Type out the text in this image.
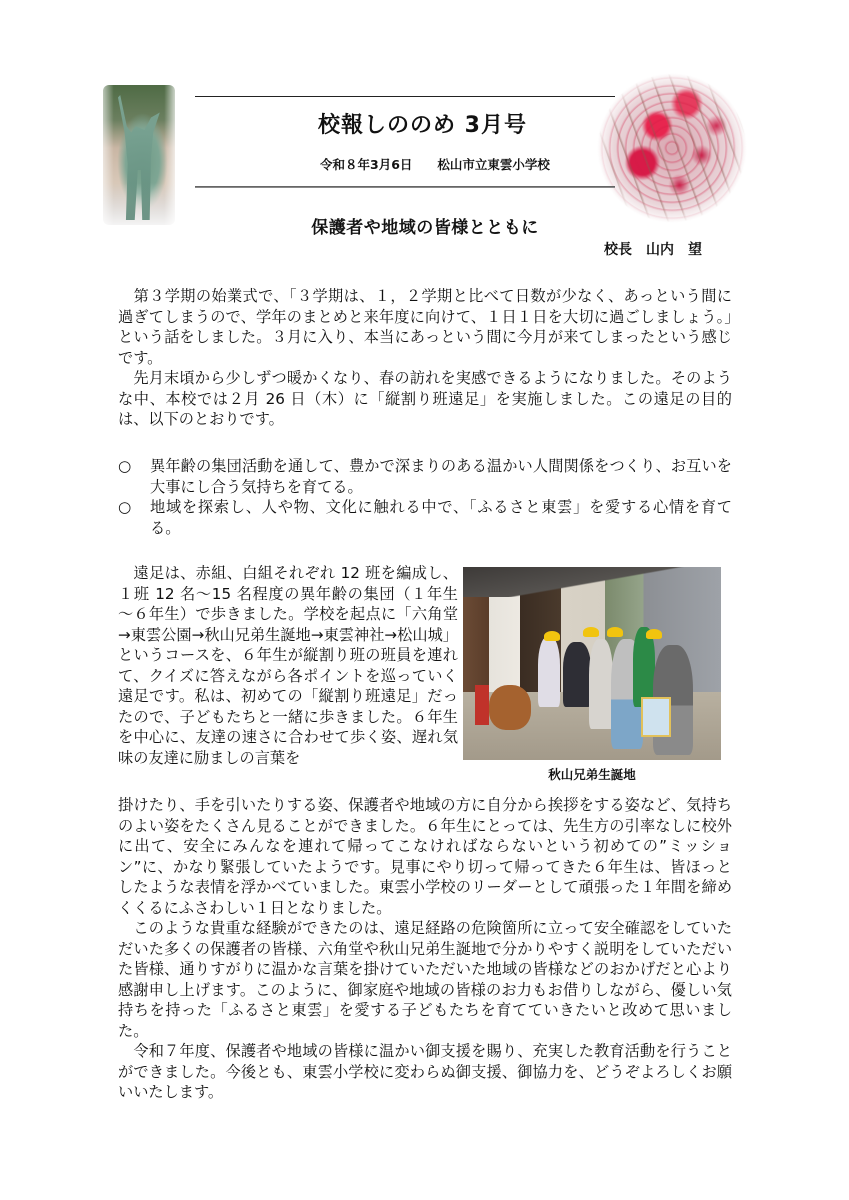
校報しののめ 3月号
令和８年3月6日　　松山市立東雲小学校
保護者や地域の皆様とともに
校長　山内　望
　第３学期の始業式で、「３学期は、１，２学期と比べて日数が少なく、あっという間に過ぎてしまうので、学年のまとめと来年度に向けて、１日１日を大切に過ごしましょう。」という話をしました。３月に入り、本当にあっという間に今月が来てしまったという感じです。
　先月末頃から少しずつ暖かくなり、春の訪れを実感できるようになりました。そのような中、本校では２月 26 日（木）に「縦割り班遠足」を実施しました。この遠足の目的は、以下のとおりです。
○	異年齢の集団活動を通して、豊かで深まりのある温かい人間関係をつくり、お互いを大事にし合う気持ちを育てる。
○	地域を探索し、人や物、文化に触れる中で、「ふるさと東雲」を愛する心情を育てる。
　遠足は、赤組、白組それぞれ 12 班を編成し、１班 12 名～15 名程度の異年齢の集団（１年生～６年生）で歩きました。学校を起点に「六角堂→東雲公園→秋山兄弟生誕地→東雲神社→松山城」というコースを、６年生が縦割り班の班員を連れて、クイズに答えながら各ポイントを巡っていく遠足です。私は、初めての「縦割り班遠足」だったので、子どもたちと一緒に歩きました。６年生を中心に、友達の速さに合わせて歩く姿、遅れ気味の友達に励ましの言葉を
秋山兄弟生誕地
掛けたり、手を引いたりする姿、保護者や地域の方に自分から挨拶をする姿など、気持ちのよい姿をたくさん見ることができました。６年生にとっては、先生方の引率なしに校外に出て、安全にみんなを連れて帰ってこなければならないという初めての”ミッション”に、かなり緊張していたようです。見事にやり切って帰ってきた６年生は、皆ほっとしたような表情を浮かべていました。東雲小学校のリーダーとして頑張った１年間を締めくくるにふさわしい１日となりました。
　このような貴重な経験ができたのは、遠足経路の危険箇所に立って安全確認をしていただいた多くの保護者の皆様、六角堂や秋山兄弟生誕地で分かりやすく説明をしていただいた皆様、通りすがりに温かな言葉を掛けていただいた地域の皆様などのおかげだと心より感謝申し上げます。このように、御家庭や地域の皆様のお力もお借りしながら、優しい気持ちを持った「ふるさと東雲」を愛する子どもたちを育てていきたいと改めて思いました。
　令和７年度、保護者や地域の皆様に温かい御支援を賜り、充実した教育活動を行うことができました。今後とも、東雲小学校に変わらぬ御支援、御協力を、どうぞよろしくお願いいたします。
